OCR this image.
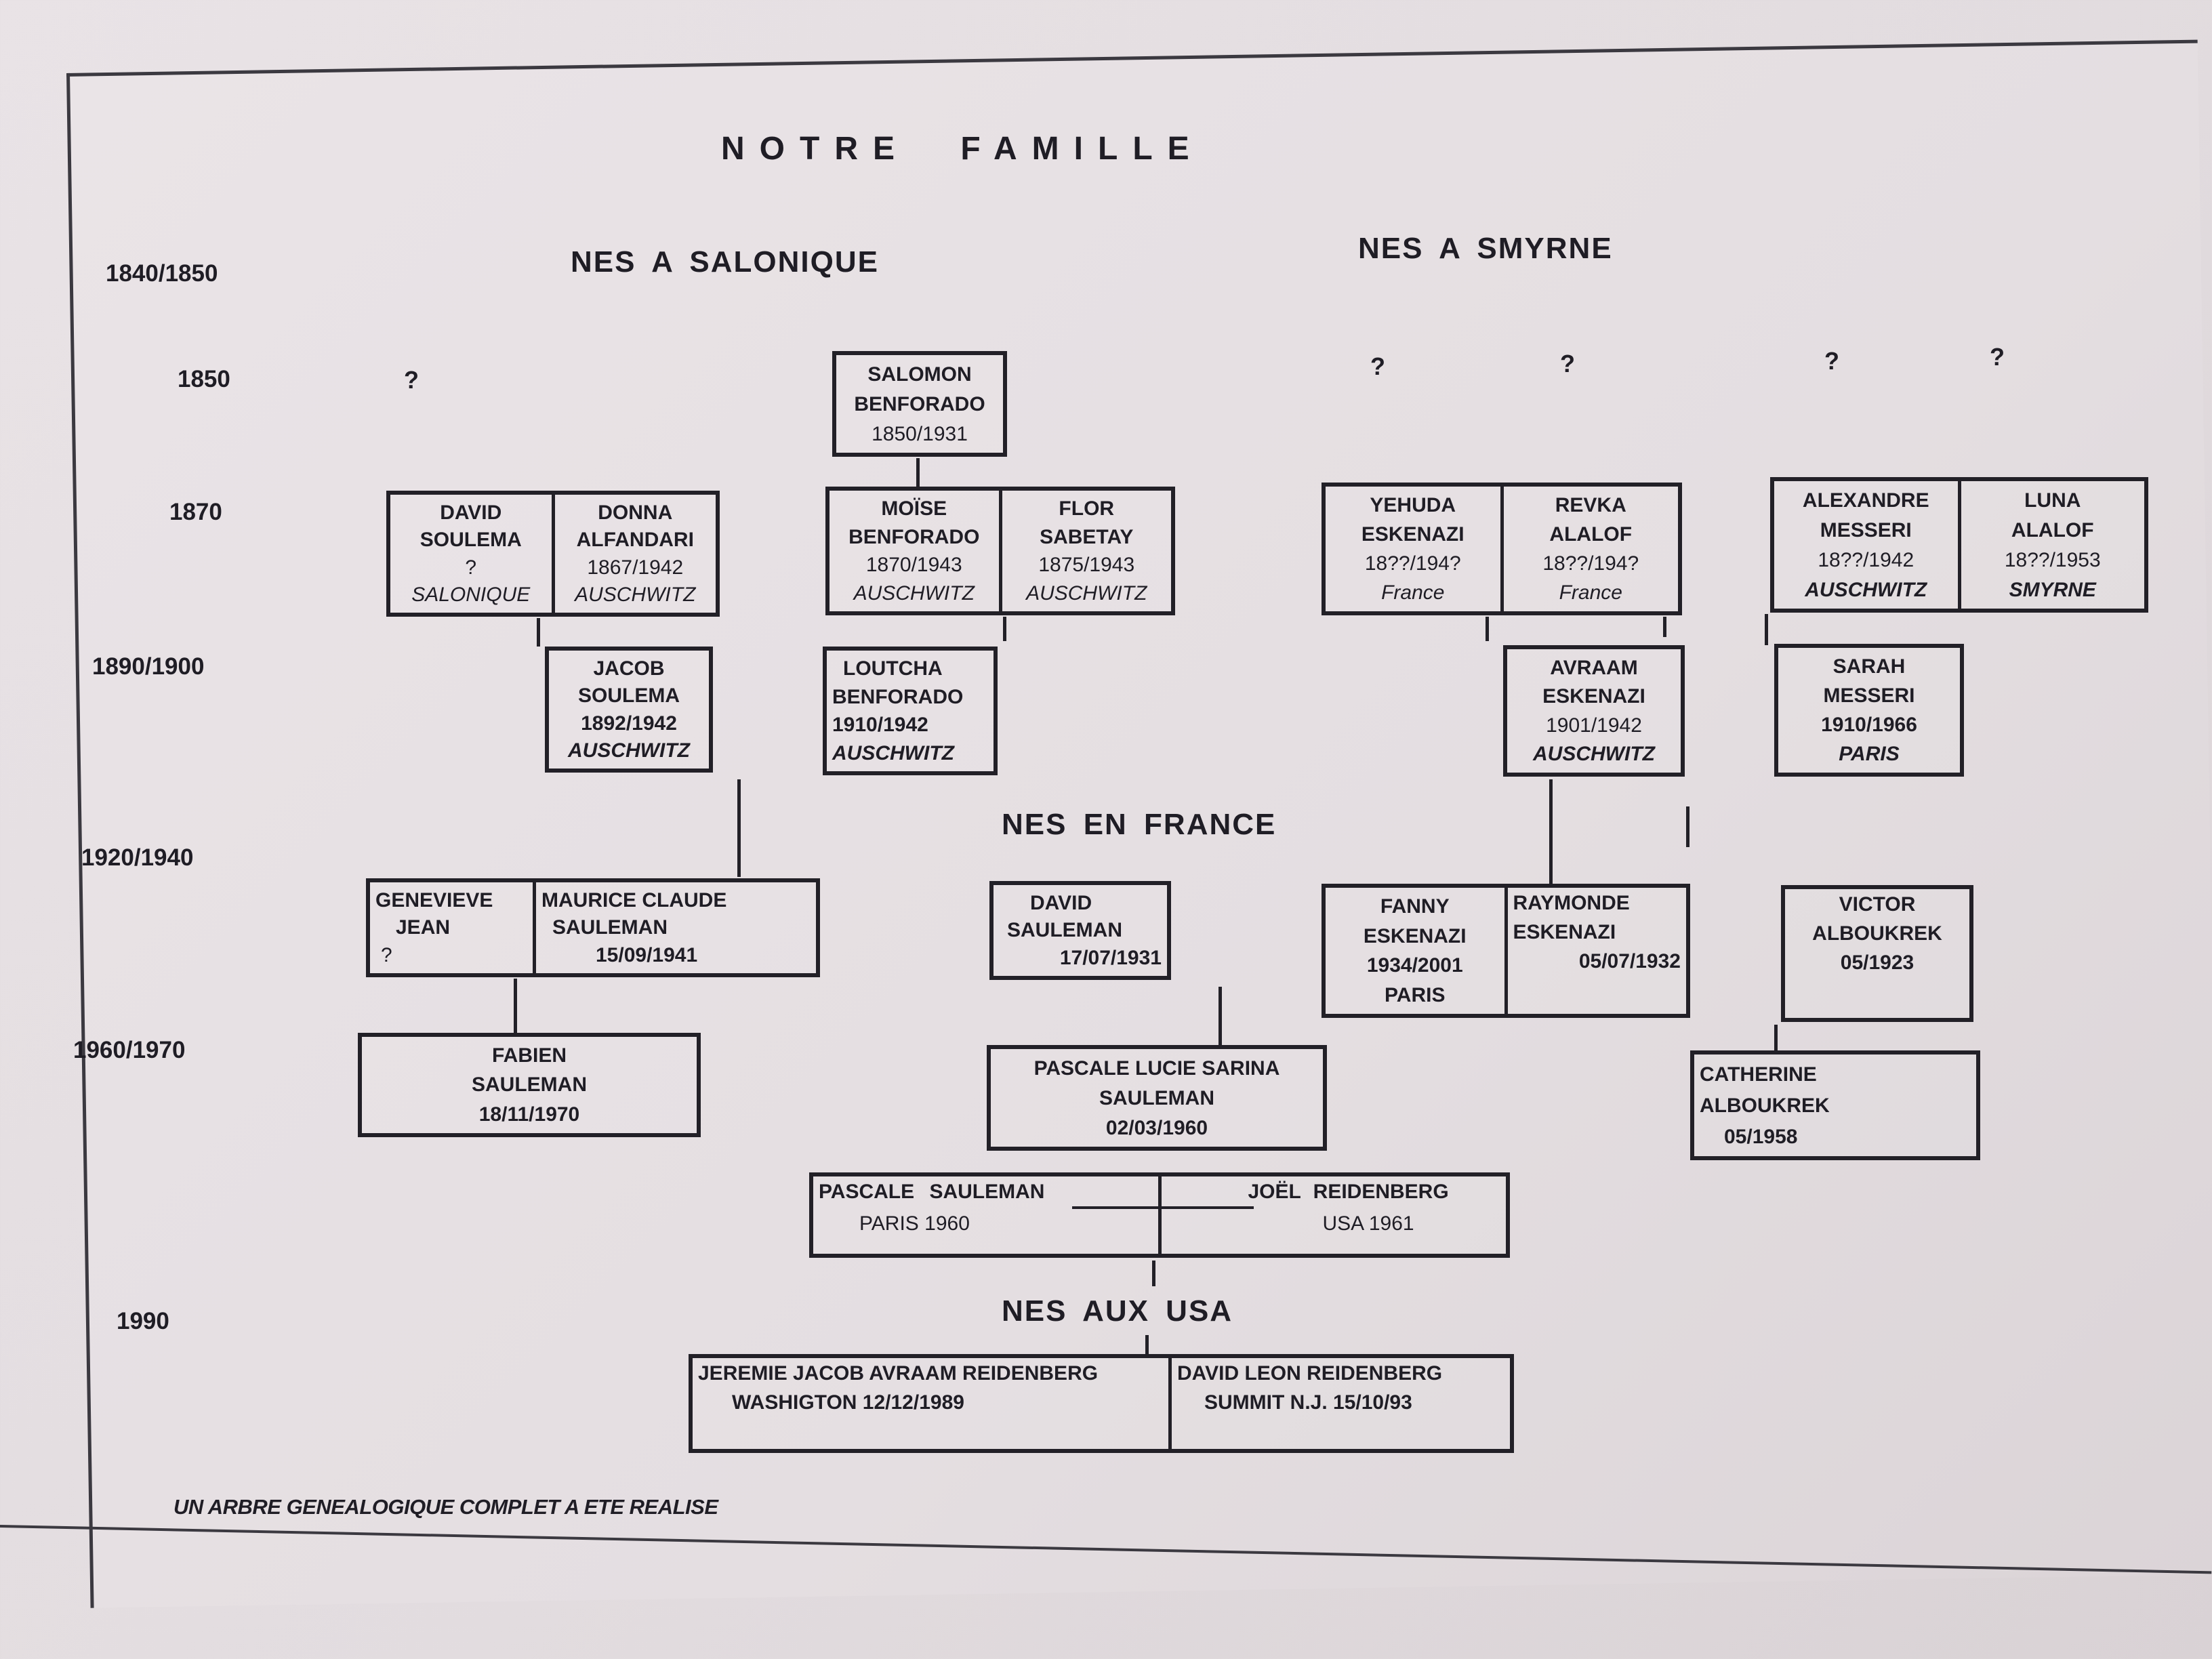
NOTRE FAMILLE
NES A SALONIQUE	NES A SMYRNE
NES EN FRANCE
NES AUX USA
1840/1850
1850
1870
1890/1900
1920/1940
1960/1970
1990
?	?	?	?	?
SALOMON
BENFORADO
1850/1931
DAVID
SOULEMA
?
SALONIQUE
DONNA
ALFANDARI
1867/1942
AUSCHWITZ
MOÏSE
BENFORADO
1870/1943
AUSCHWITZ
FLOR
SABETAY
1875/1943
AUSCHWITZ
YEHUDA
ESKENAZI
18??/194?
France
REVKA
ALALOF
18??/194?
France
ALEXANDRE
MESSERI
18??/1942
AUSCHWITZ
LUNA
ALALOF
18??/1953
SMYRNE
JACOB
SOULEMA
1892/1942
AUSCHWITZ
LOUTCHA
BENFORADO
1910/1942
AUSCHWITZ
AVRAAM
ESKENAZI
1901/1942
AUSCHWITZ
SARAH
MESSERI
1910/1966
PARIS
GENEVIEVE
JEAN
?
MAURICE CLAUDE
SAULEMAN
15/09/1941
DAVID
SAULEMAN
17/07/1931
FANNY
ESKENAZI
1934/2001
PARIS
RAYMONDE
ESKENAZI
05/07/1932
VICTOR
ALBOUKREK
05/1923
FABIEN
SAULEMAN
18/11/1970
PASCALE LUCIE SARINA
SAULEMAN
02/03/1960
CATHERINE
ALBOUKREK
05/1958
PASCALE SAULEMAN
PARIS 1960
JOËL REIDENBERG
USA 1961
JEREMIE JACOB AVRAAM REIDENBERG
WASHIGTON 12/12/1989
DAVID LEON REIDENBERG
SUMMIT N.J. 15/10/93
UN ARBRE GENEALOGIQUE COMPLET A ETE REALISE
